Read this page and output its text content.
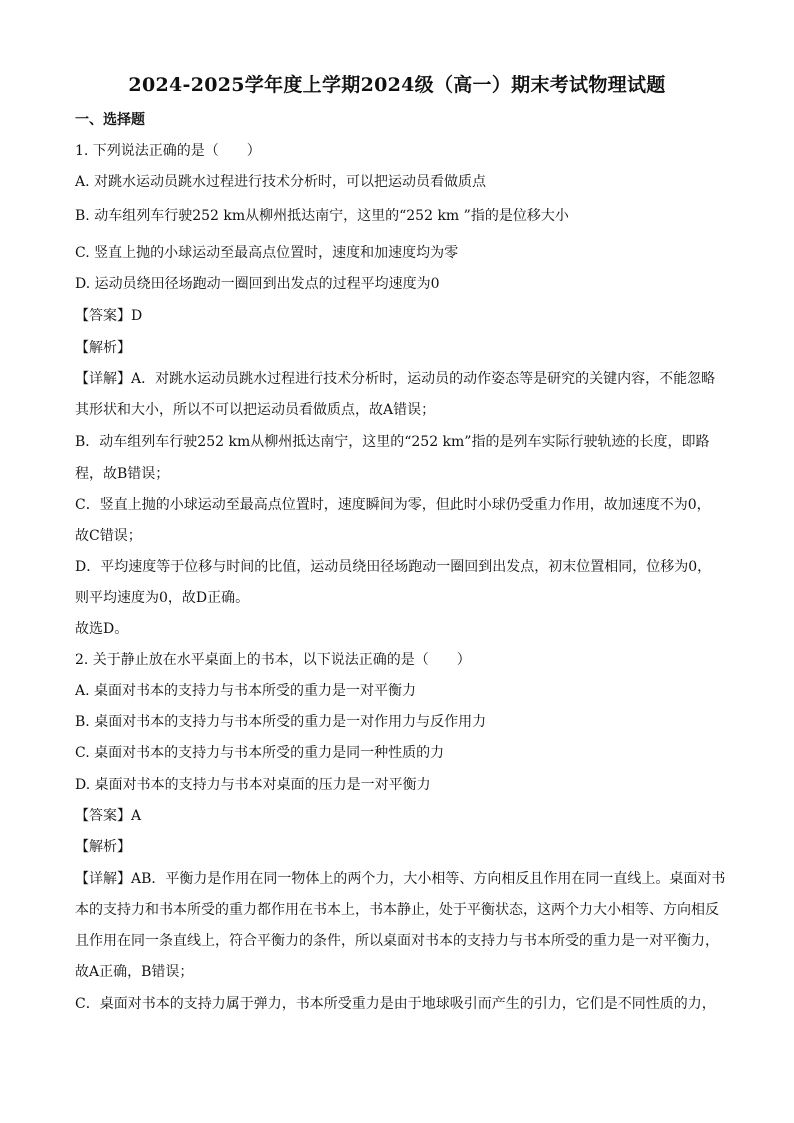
2024-2025学年度上学期2024级（高一）期末考试物理试题
一、选择题
1. 下列说法正确的是（　　）
A. 对跳水运动员跳水过程进行技术分析时，可以把运动员看做质点
B. 动车组列车行驶252 km从柳州抵达南宁，这里的“252 km ”指的是位移大小
C. 竖直上抛的小球运动至最高点位置时，速度和加速度均为零
D. 运动员绕田径场跑动一圈回到出发点的过程平均速度为0
【答案】D
【解析】
【详解】A．对跳水运动员跳水过程进行技术分析时，运动员的动作姿态等是研究的关键内容，不能忽略
其形状和大小，所以不可以把运动员看做质点，故A错误；
B．动车组列车行驶252 km从柳州抵达南宁，这里的“252 km”指的是列车实际行驶轨迹的长度，即路
程，故B错误；
C．竖直上抛的小球运动至最高点位置时，速度瞬间为零，但此时小球仍受重力作用，故加速度不为0，
故C错误；
D．平均速度等于位移与时间的比值，运动员绕田径场跑动一圈回到出发点，初末位置相同，位移为0，
则平均速度为0，故D正确。
故选D。
2. 关于静止放在水平桌面上的书本，以下说法正确的是（　　）
A. 桌面对书本的支持力与书本所受的重力是一对平衡力
B. 桌面对书本的支持力与书本所受的重力是一对作用力与反作用力
C. 桌面对书本的支持力与书本所受的重力是同一种性质的力
D. 桌面对书本的支持力与书本对桌面的压力是一对平衡力
【答案】A
【解析】
【详解】AB．平衡力是作用在同一物体上的两个力，大小相等、方向相反且作用在同一直线上。桌面对书
本的支持力和书本所受的重力都作用在书本上，书本静止，处于平衡状态，这两个力大小相等、方向相反
且作用在同一条直线上，符合平衡力的条件，所以桌面对书本的支持力与书本所受的重力是一对平衡力，
故A正确，B错误；
C．桌面对书本的支持力属于弹力，书本所受重力是由于地球吸引而产生的引力，它们是不同性质的力，
